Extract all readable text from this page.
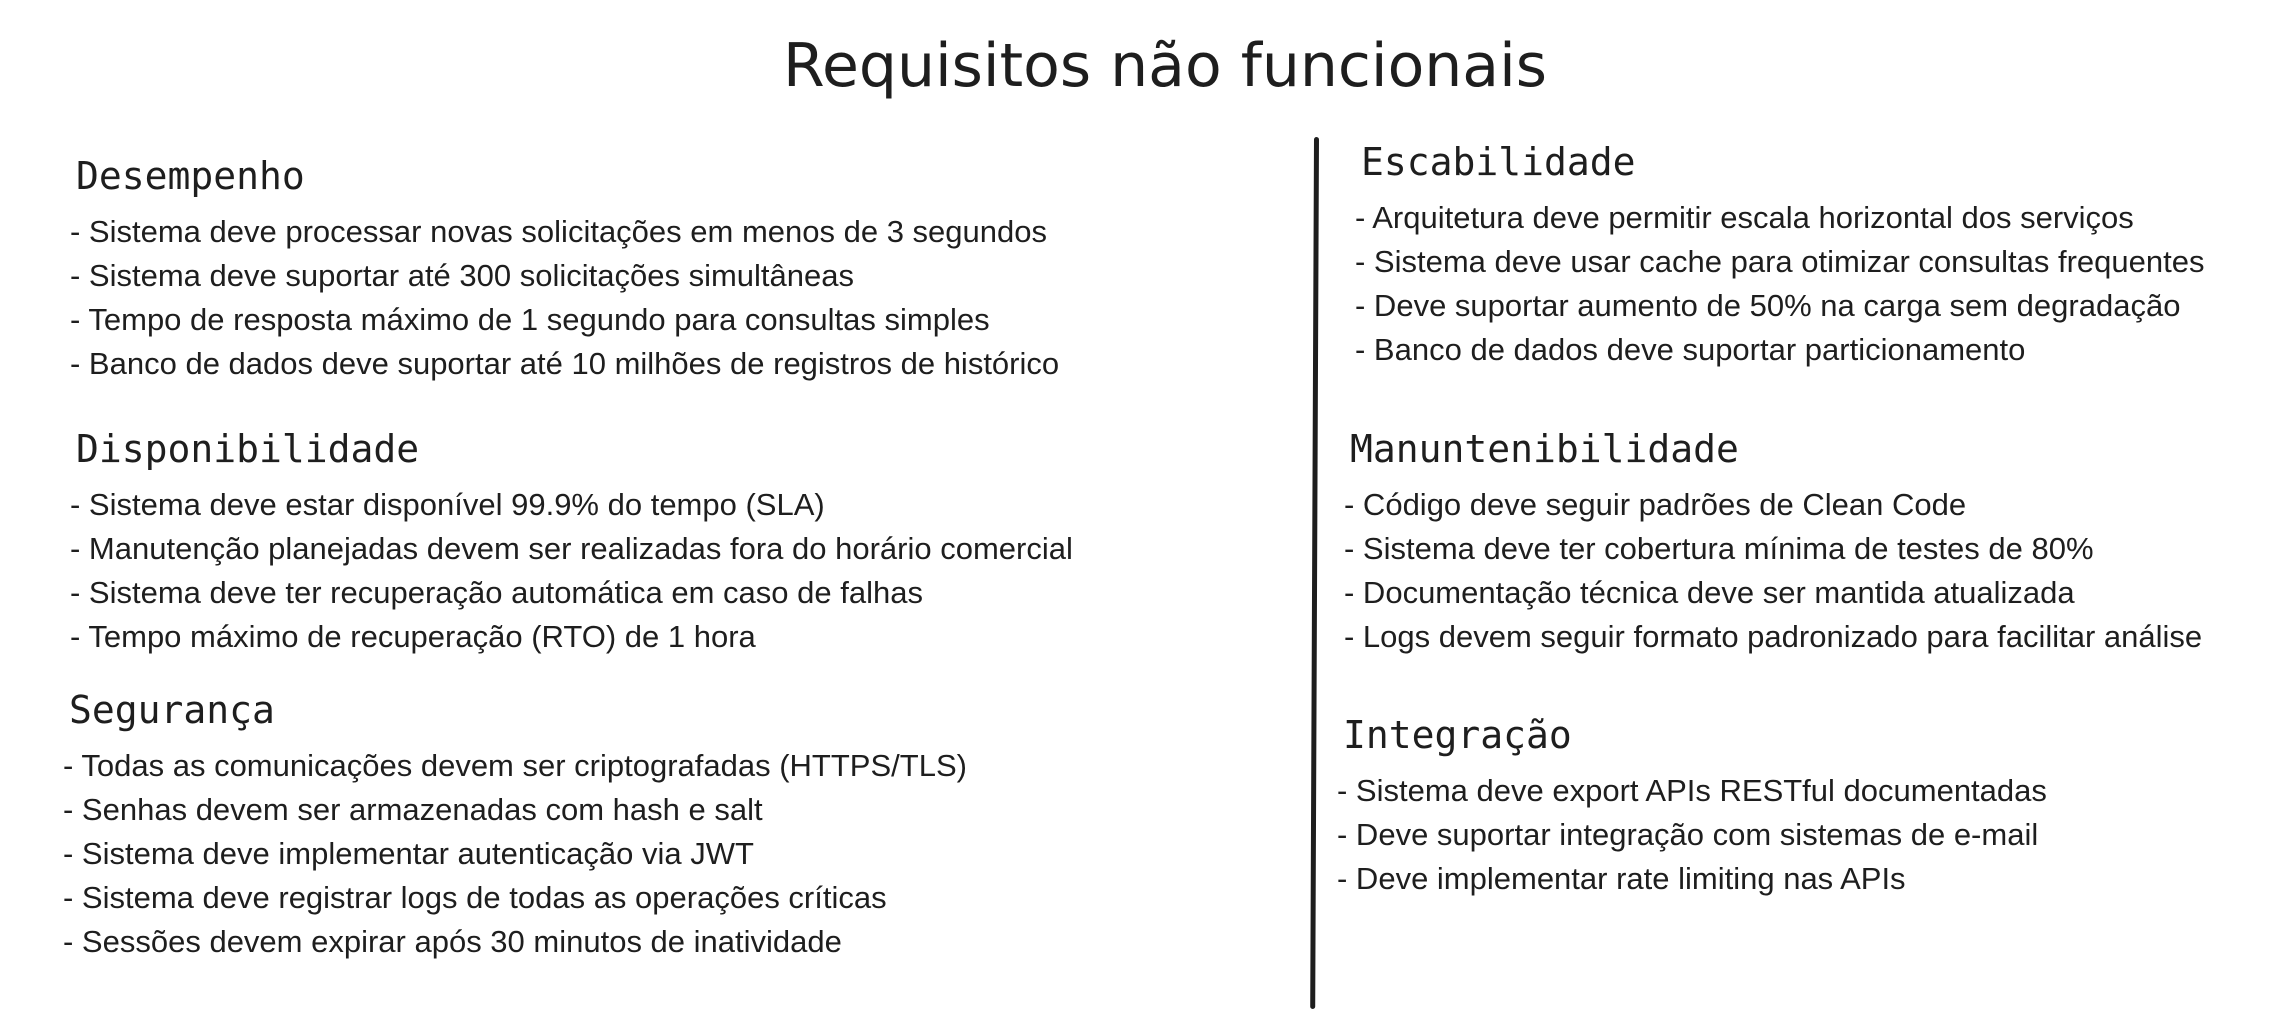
Requisitos não funcionais
Desempenho
- Sistema deve processar novas solicitações em menos de 3 segundos
- Sistema deve suportar até 300 solicitações simultâneas
- Tempo de resposta máximo de 1 segundo para consultas simples
- Banco de dados deve suportar até 10 milhões de registros de histórico
Disponibilidade
- Sistema deve estar disponível 99.9% do tempo (SLA)
- Manutenção planejadas devem ser realizadas fora do horário comercial
- Sistema deve ter recuperação automática em caso de falhas
- Tempo máximo de recuperação (RTO) de 1 hora
Segurança
- Todas as comunicações devem ser criptografadas (HTTPS/TLS)
- Senhas devem ser armazenadas com hash e salt
- Sistema deve implementar autenticação via JWT
- Sistema deve registrar logs de todas as operações críticas
- Sessões devem expirar após 30 minutos de inatividade
Escabilidade
- Arquitetura deve permitir escala horizontal dos serviços
- Sistema deve usar cache para otimizar consultas frequentes
- Deve suportar aumento de 50% na carga sem degradação
- Banco de dados deve suportar particionamento
Manuntenibilidade
- Código deve seguir padrões de Clean Code
- Sistema deve ter cobertura mínima de testes de 80%
- Documentação técnica deve ser mantida atualizada
- Logs devem seguir formato padronizado para facilitar análise
Integração
- Sistema deve export APIs RESTful documentadas
- Deve suportar integração com sistemas de e-mail
- Deve implementar rate limiting nas APIs
